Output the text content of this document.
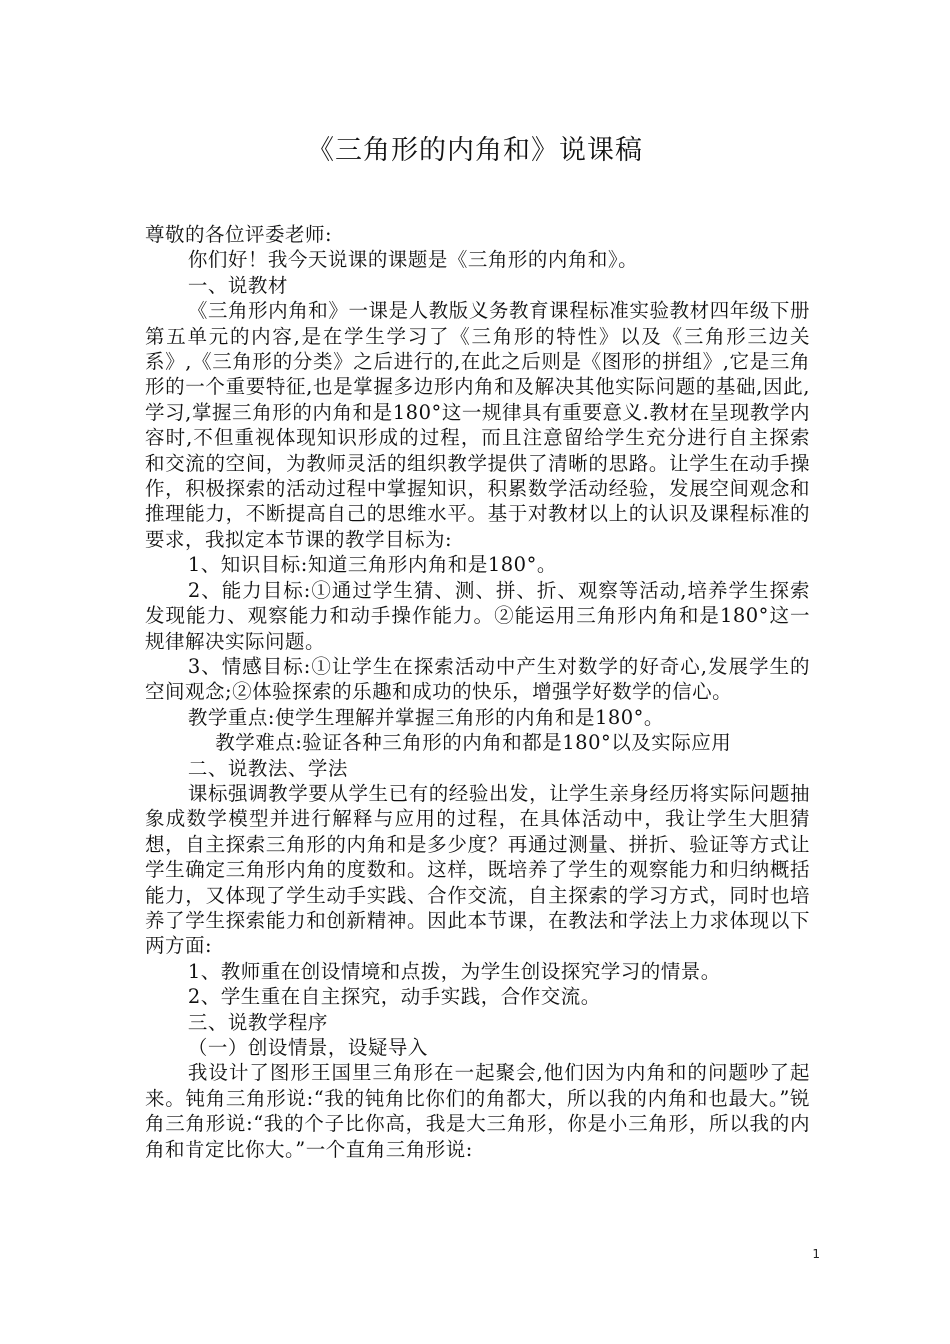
《三角形的内角和》说课稿

尊敬的各位评委老师:

你们好！我今天说课的课题是《三角形的内角和》。

一、说教材

《三角形内角和》一课是人教版义务教育课程标准实验教材四年级下册第五单元的内容,是在学生学习了《三角形的特性》以及《三角形三边关系》,《三角形的分类》之后进行的,在此之后则是《图形的拼组》,它是三角形的一个重要特征,也是掌握多边形内角和及解决其他实际问题的基础,因此,学习,掌握三角形的内角和是180°这一规律具有重要意义.教材在呈现教学内容时,不但重视体现知识形成的过程，而且注意留给学生充分进行自主探索和交流的空间，为教师灵活的组织教学提供了清晰的思路。让学生在动手操作，积极探索的活动过程中掌握知识，积累数学活动经验，发展空间观念和推理能力，不断提高自己的思维水平。基于对教材以上的认识及课程标准的要求，我拟定本节课的教学目标为:

1、知识目标:知道三角形内角和是180°。

2、能力目标:①通过学生猜、测、拼、折、观察等活动,培养学生探索发现能力、观察能力和动手操作能力。②能运用三角形内角和是180°这一规律解决实际问题。

3、情感目标:①让学生在探索活动中产生对数学的好奇心,发展学生的空间观念;②体验探索的乐趣和成功的快乐，增强学好数学的信心。

教学重点:使学生理解并掌握三角形的内角和是180°。

教学难点:验证各种三角形的内角和都是180°以及实际应用

二、说教法、学法

课标强调教学要从学生已有的经验出发，让学生亲身经历将实际问题抽象成数学模型并进行解释与应用的过程，在具体活动中，我让学生大胆猜想，自主探索三角形的内角和是多少度？再通过测量、拼折、验证等方式让学生确定三角形内角的度数和。这样，既培养了学生的观察能力和归纳概括能力，又体现了学生动手实践、合作交流，自主探索的学习方式，同时也培养了学生探索能力和创新精神。因此本节课，在教法和学法上力求体现以下两方面:

1、教师重在创设情境和点拨，为学生创设探究学习的情景。

2、学生重在自主探究，动手实践，合作交流。

三、说教学程序

（一）创设情景，设疑导入

我设计了图形王国里三角形在一起聚会,他们因为内角和的问题吵了起来。钝角三角形说:“我的钝角比你们的角都大，所以我的内角和也最大。”锐角三角形说:“我的个子比你高，我是大三角形，你是小三角形，所以我的内角和肯定比你大。”一个直角三角形说:

1
